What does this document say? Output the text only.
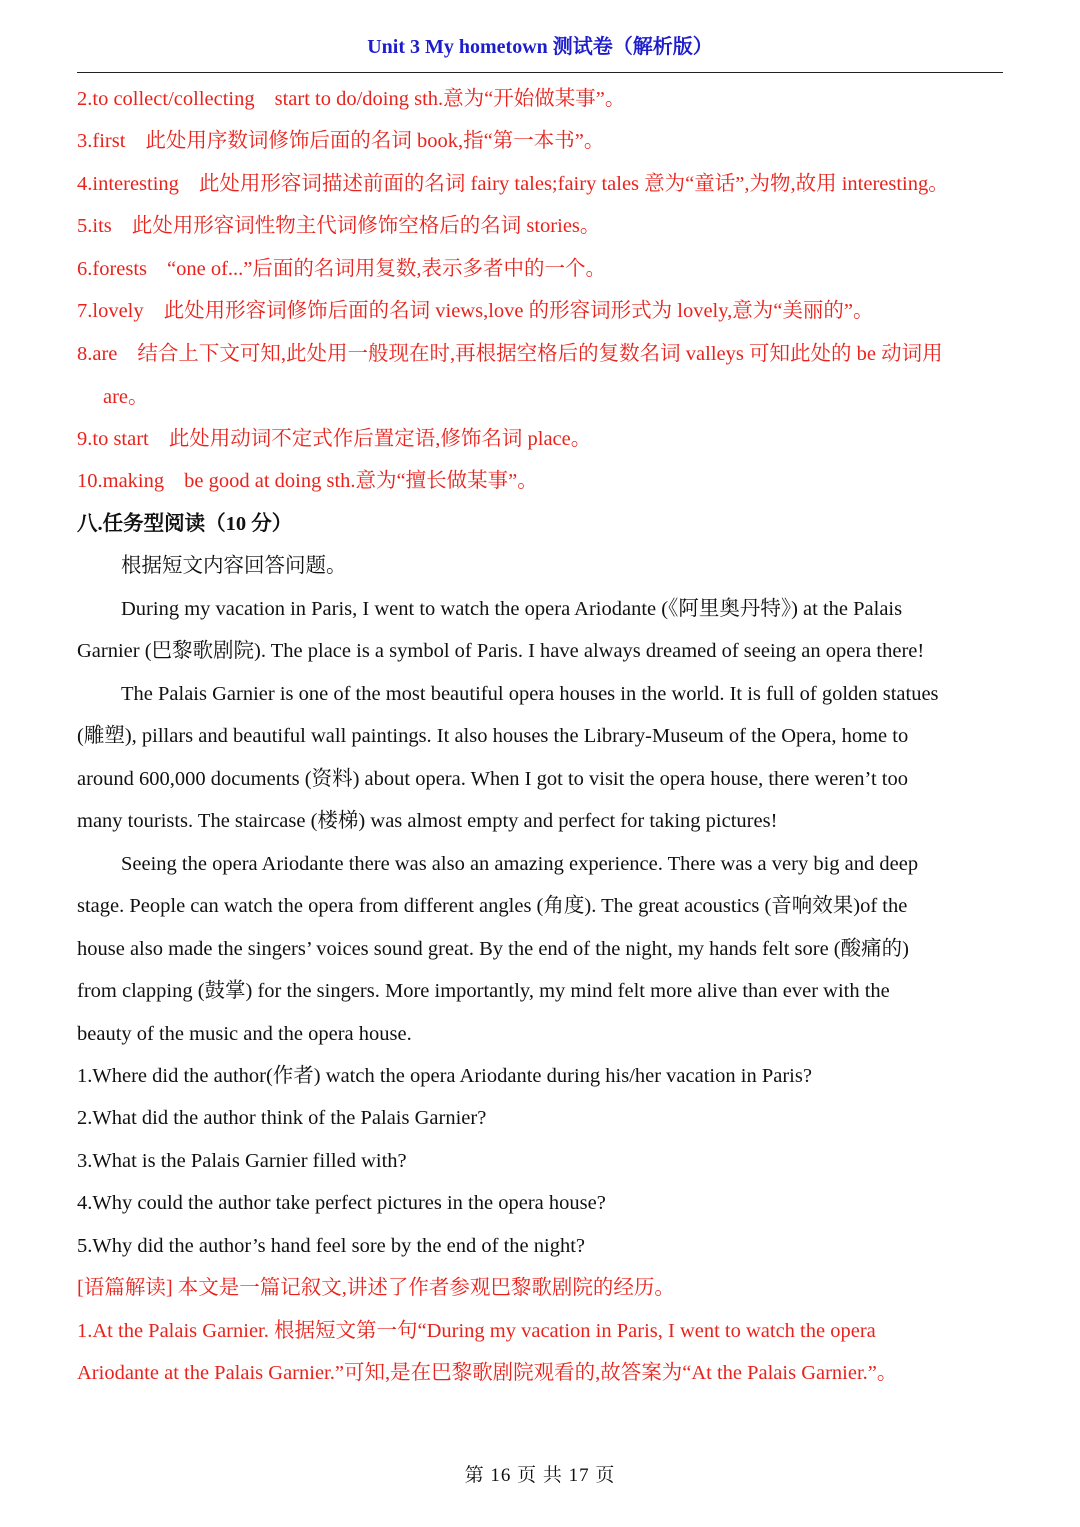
Unit 3 My hometown 测试卷（解析版）
2.to collect/collecting start to do/doing sth.意为“开始做某事”。
3.first 此处用序数词修饰后面的名词 book,指“第一本书”。
4.interesting 此处用形容词描述前面的名词 fairy tales;fairy tales 意为“童话”,为物,故用 interesting。
5.its 此处用形容词性物主代词修饰空格后的名词 stories。
6.forests “one of...”后面的名词用复数,表示多者中的一个。
7.lovely 此处用形容词修饰后面的名词 views,love 的形容词形式为 lovely,意为“美丽的”。
8.are 结合上下文可知,此处用一般现在时,再根据空格后的复数名词 valleys 可知此处的 be 动词用
are。
9.to start 此处用动词不定式作后置定语,修饰名词 place。
10.making be good at doing sth.意为“擅长做某事”。
八.任务型阅读（10 分）
根据短文内容回答问题。
During my vacation in Paris, I went to watch the opera Ariodante (《阿里奥丹特》) at the Palais
Garnier (巴黎歌剧院). The place is a symbol of Paris. I have always dreamed of seeing an opera there!
The Palais Garnier is one of the most beautiful opera houses in the world. It is full of golden statues
(雕塑), pillars and beautiful wall paintings. It also houses the Library-Museum of the Opera, home to
around 600,000 documents (资料) about opera. When I got to visit the opera house, there weren’t too
many tourists. The staircase (楼梯) was almost empty and perfect for taking pictures!
Seeing the opera Ariodante there was also an amazing experience. There was a very big and deep
stage. People can watch the opera from different angles (角度). The great acoustics (音响效果)of the
house also made the singers’ voices sound great. By the end of the night, my hands felt sore (酸痛的)
from clapping (鼓掌) for the singers. More importantly, my mind felt more alive than ever with the
beauty of the music and the opera house.
1.Where did the author(作者) watch the opera Ariodante during his/her vacation in Paris?
2.What did the author think of the Palais Garnier?
3.What is the Palais Garnier filled with?
4.Why could the author take perfect pictures in the opera house?
5.Why did the author’s hand feel sore by the end of the night?
[语篇解读] 本文是一篇记叙文,讲述了作者参观巴黎歌剧院的经历。
1.At the Palais Garnier. 根据短文第一句“During my vacation in Paris, I went to watch the opera
Ariodante at the Palais Garnier.”可知,是在巴黎歌剧院观看的,故答案为“At the Palais Garnier.”。
第 16 页 共 17 页
